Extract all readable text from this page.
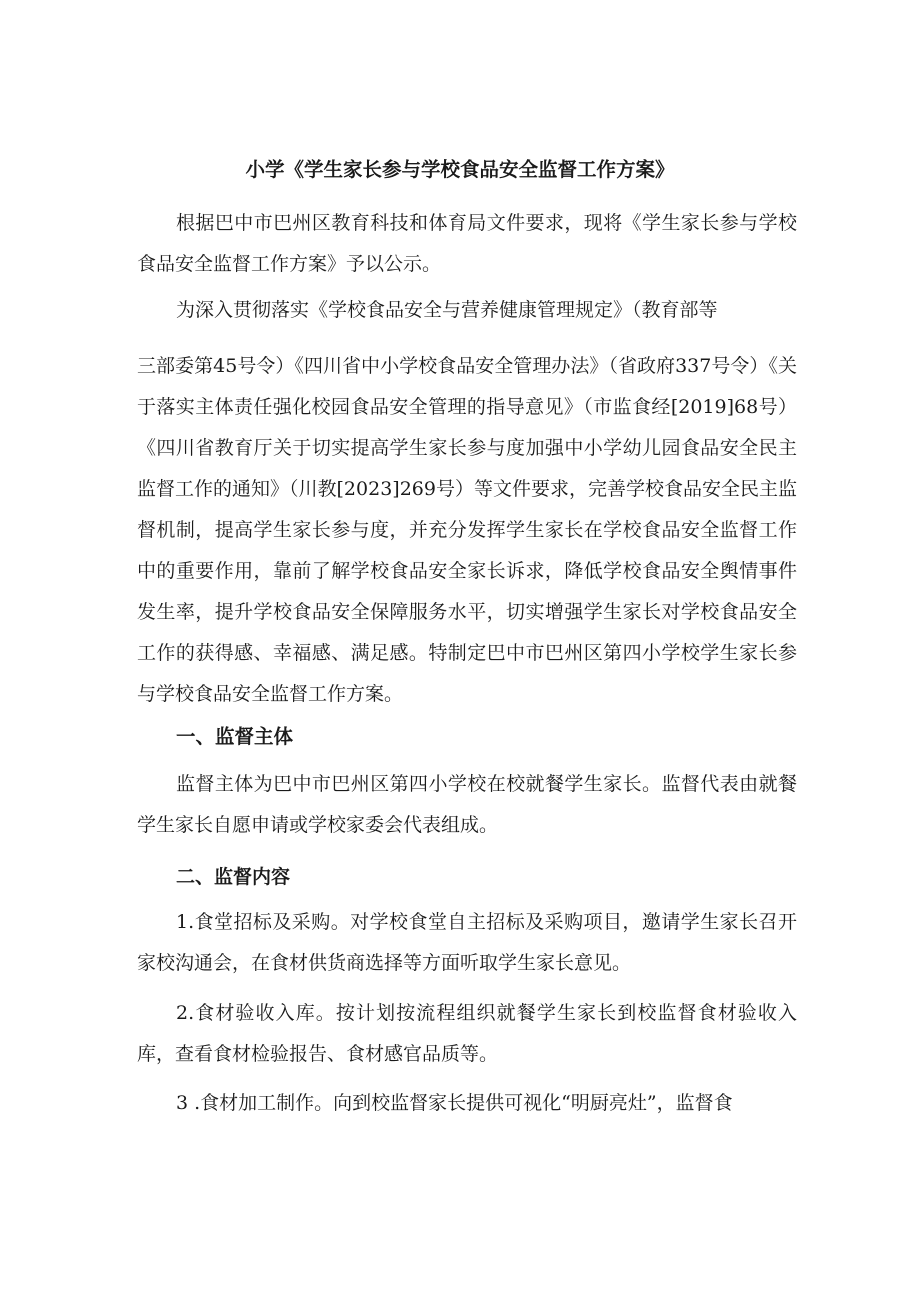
小学《学生家长参与学校食品安全监督工作方案》

根据巴中市巴州区教育科技和体育局文件要求，现将《学生家长参与学校食品安全监督工作方案》予以公示。

为深入贯彻落实《学校食品安全与营养健康管理规定》（教育部等

三部委第45号令）《四川省中小学校食品安全管理办法》（省政府337号令）《关于落实主体责任强化校园食品安全管理的指导意见》（市监食经[2019]68号）《四川省教育厅关于切实提高学生家长参与度加强中小学幼儿园食品安全民主监督工作的通知》（川教[2023]269号）等文件要求，完善学校食品安全民主监督机制，提高学生家长参与度，并充分发挥学生家长在学校食品安全监督工作中的重要作用，靠前了解学校食品安全家长诉求，降低学校食品安全舆情事件发生率，提升学校食品安全保障服务水平，切实增强学生家长对学校食品安全工作的获得感、幸福感、满足感。特制定巴中市巴州区第四小学校学生家长参与学校食品安全监督工作方案。

一、监督主体

监督主体为巴中市巴州区第四小学校在校就餐学生家长。监督代表由就餐学生家长自愿申请或学校家委会代表组成。

二、监督内容

1.食堂招标及采购。对学校食堂自主招标及采购项目，邀请学生家长召开家校沟通会，在食材供货商选择等方面听取学生家长意见。

2.食材验收入库。按计划按流程组织就餐学生家长到校监督食材验收入库，查看食材检验报告、食材感官品质等。

3 .食材加工制作。向到校监督家长提供可视化“明厨亮灶”，监督食
